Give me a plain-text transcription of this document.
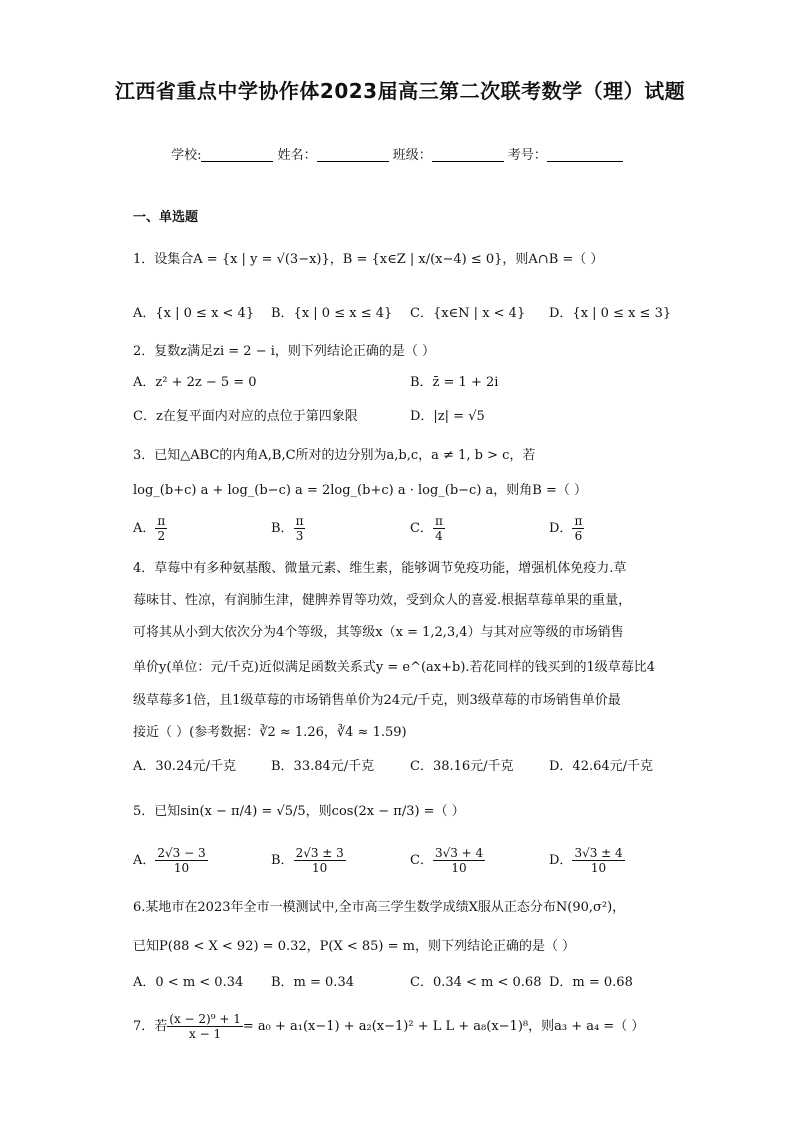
江西省重点中学协作体2023届高三第二次联考数学（理）试题
学校:	姓名：	班级：	考号：
一、单选题
1．设集合A = {x | y = √(3−x)}，B = {x∈Z | x/(x−4) ≤ 0}，则A∩B =（ ）
A．{x | 0 ≤ x < 4} B．{x | 0 ≤ x ≤ 4} C．{x∈N | x < 4} D．{x | 0 ≤ x ≤ 3}
2．复数z满足zi = 2 − i，则下列结论正确的是（ ）
A．z² + 2z − 5 = 0	B．z̄ = 1 + 2i
C．z在复平面内对应的点位于第四象限	D．|z| = √5
3．已知△ABC的内角A,B,C所对的边分别为a,b,c，a ≠ 1, b > c，若
log_(b+c) a + log_(b−c) a = 2log_(b+c) a · log_(b−c) a，则角B =（ ）
A． $\frac{\pi}{2}$	B． $\frac{\pi}{3}$	C． $\frac{\pi}{4}$	D． $\frac{\pi}{6}$
4．草莓中有多种氨基酸、微量元素、维生素，能够调节免疫功能，增强机体免疫力.草
莓味甘、性凉，有润肺生津，健脾养胃等功效，受到众人的喜爱.根据草莓单果的重量，
可将其从小到大依次分为4个等级，其等级x（x = 1,2,3,4）与其对应等级的市场销售
单价y(单位：元/千克)近似满足函数关系式y = e^(ax+b).若花同样的钱买到的1级草莓比4
级草莓多1倍，且1级草莓的市场销售单价为24元/千克，则3级草莓的市场销售单价最
接近（ ）(参考数据：∛2 ≈ 1.26，∛4 ≈ 1.59)
A．30.24元/千克	B．33.84元/千克	C．38.16元/千克	D．42.64元/千克
5．已知sin(x − π/4) = √5/5，则cos(2x − π/3) =（ ）
A． $\frac{2√3 - 3}{10}$	B． $\frac{2√3 \pm 3}{10}$	C． $\frac{3√3 + 4}{10}$	D． $\frac{3√3 \pm 4}{10}$
6.某地市在2023年全市一模测试中,全市高三学生数学成绩X服从正态分布N(90,σ²)，
已知P(88 < X < 92) = 0.32，P(X < 85) = m，则下列结论正确的是（ ）
A．0 < m < 0.34 B．m = 0.34	C．0.34 < m < 0.68 D．m = 0.68
7．若 $\frac{\text{(x − 2)⁹ + 1}}{x - 1} = a_0 + a_1(x-1) + a_2(x-1)^2 + L$ L + a₈(x−1)⁸，则a₃ + a₄ =（ ）
